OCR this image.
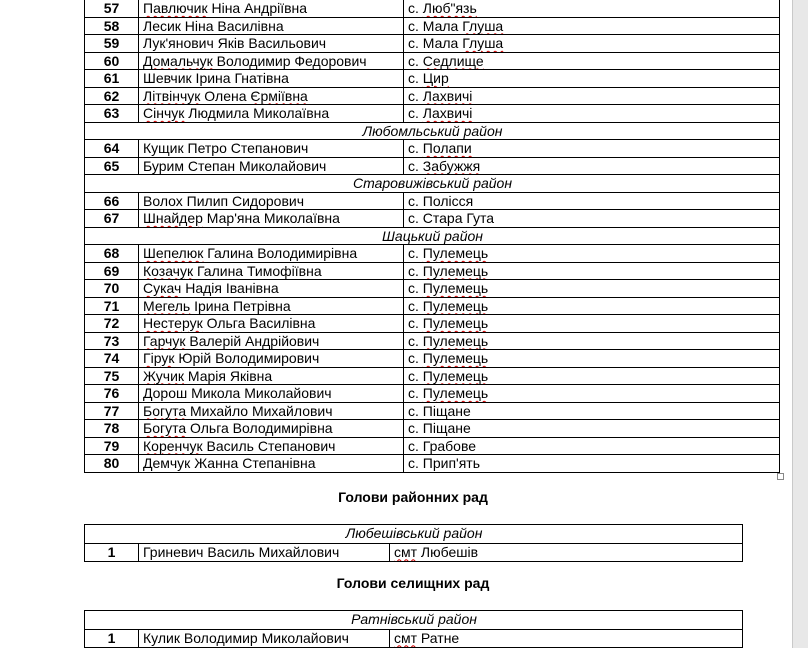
57	Павлючик Ніна Андріївна	с. Люб"язь
58	Лесик Ніна Василівна	с. Мала Глуша
59	Лук'янович Яків Васильович	с. Мала Глуша
60	Домальчук Володимир Федорович	с. Седлище
61	Шевчик Ірина Гнатівна	с. Цир
62	Літвінчук Олена Єрміївна	с. Лахвичі
63	Сінчук Людмила Миколаївна	с. Лахвичі
Любомльський район		
64	Кущик Петро Степанович	с. Полапи
65	Бурим Степан Миколайович	с. Забужжя
Старовижівський район		
66	Волох Пилип Сидорович	с. Полісся
67	Шнайдер Мар'яна Миколаївна	с. Стара Гута
Шацький район		
68	Шепелюк Галина Володимирівна	с. Пулемець
69	Козачук Галина Тимофіївна	с. Пулемець
70	Сукач Надія Іванівна	с. Пулемець
71	Мегель Ірина Петрівна	с. Пулемець
72	Нестерук Ольга Василівна	с. Пулемець
73	Гарчук Валерій Андрійович	с. Пулемець
74	Гірук Юрій Володимирович	с. Пулемець
75	Жучик Марія Яківна	с. Пулемець
76	Дорош Микола Миколайович	с. Пулемець
77	Богута Михайло Михайлович	с. Піщане
78	Богута Ольга Володимирівна	с. Піщане
79	Коренчук Василь Степанович	с. Грабове
80	Демчук Жанна Степанівна	с. Прип'ять
Голови районних рад
Любешівський район
1	Гриневич Василь Михайлович	смт Любешів
Голови селищних рад
Ратнівський район
1	Кулик Володимир Миколайович	смт Ратне
